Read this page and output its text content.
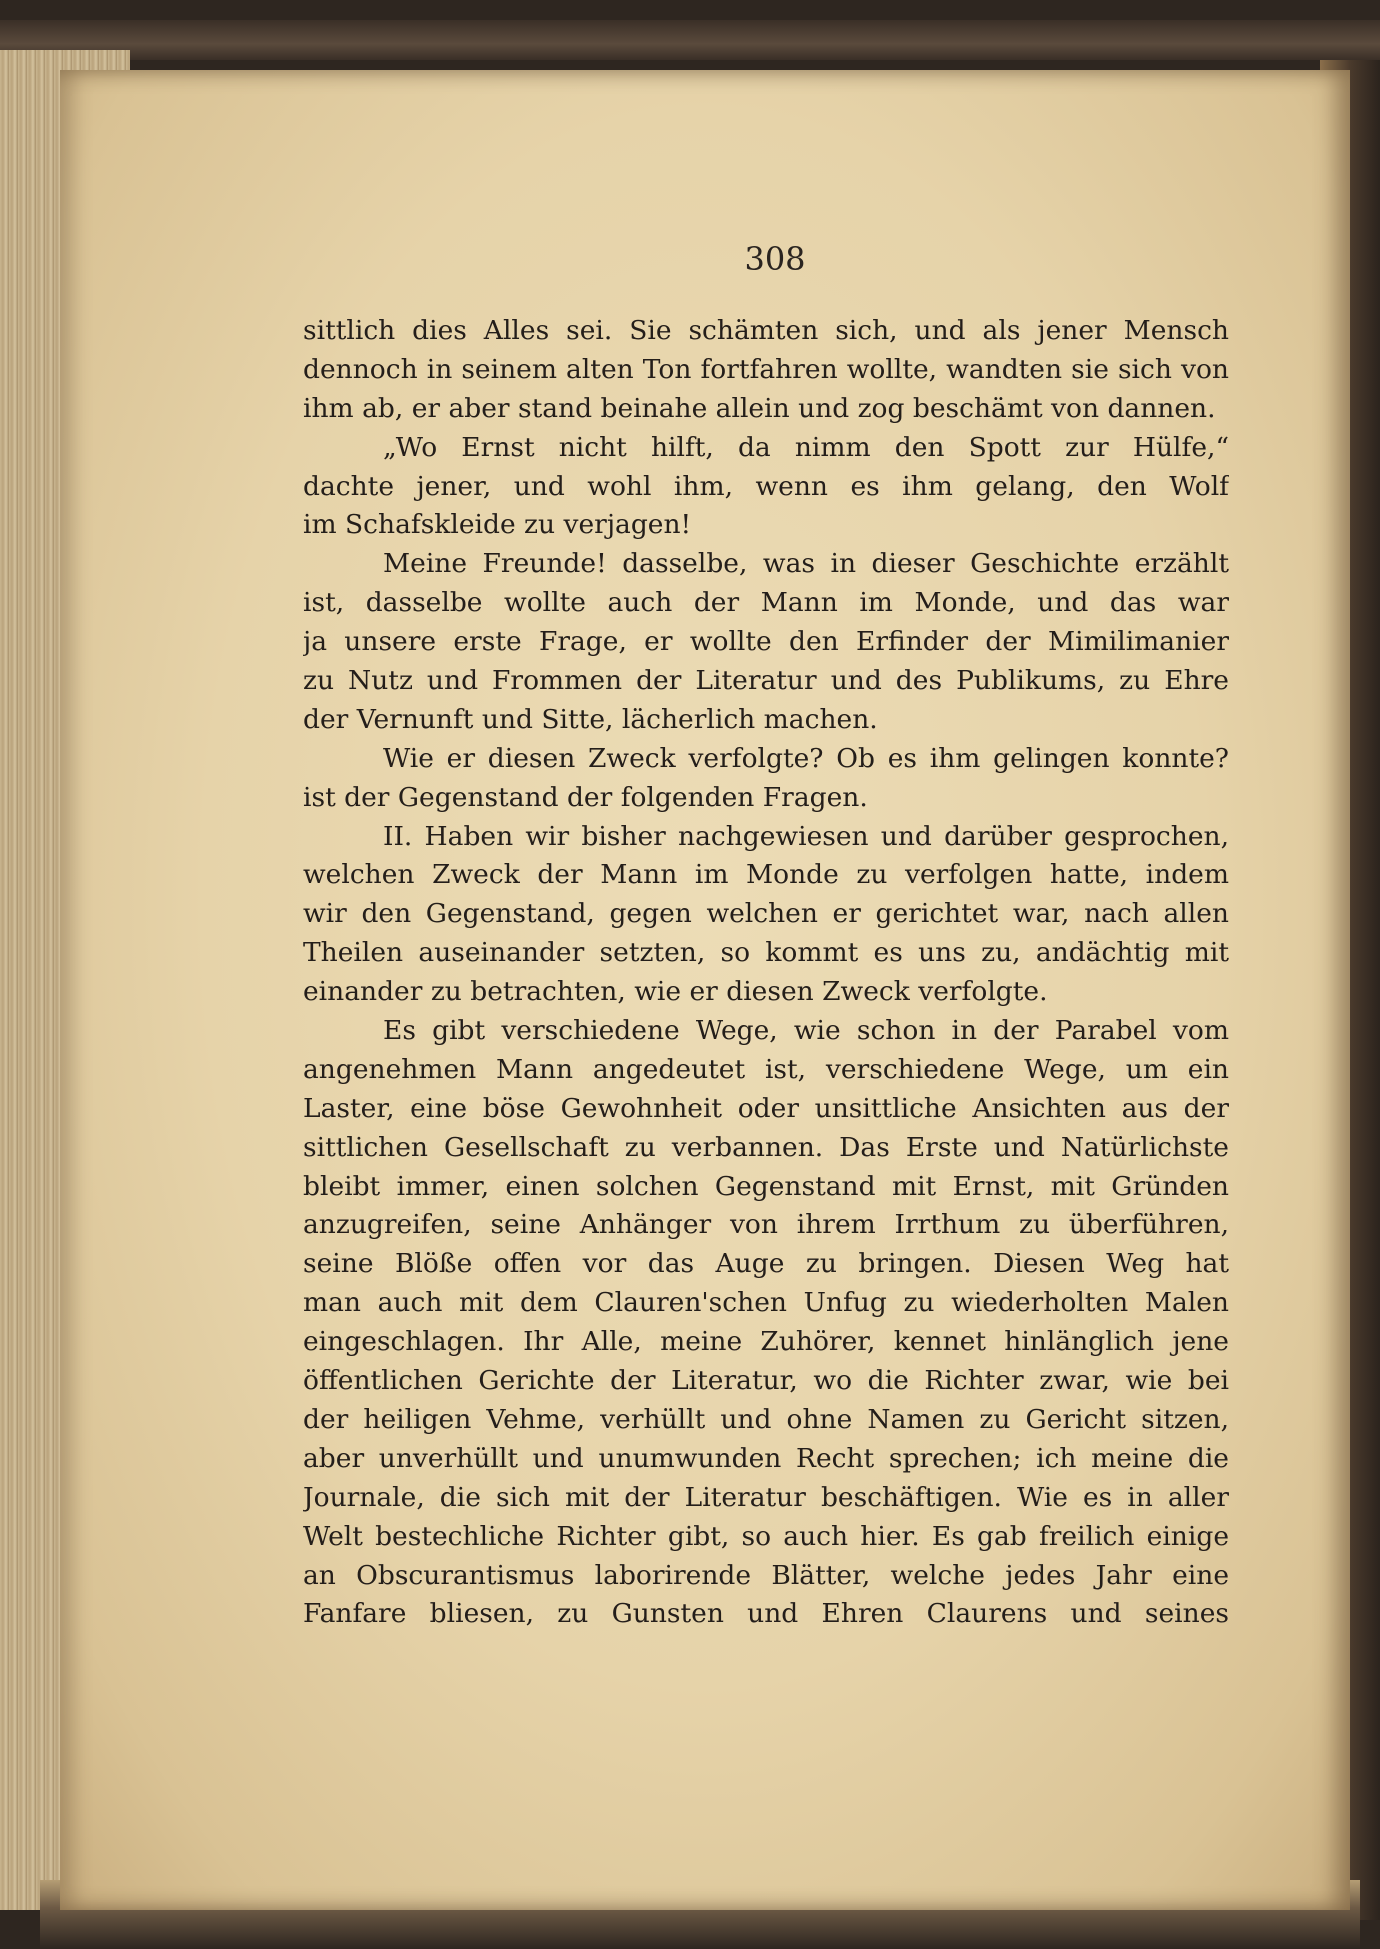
308
sittlich dies Alles sei. Sie schämten sich, und als jener Mensch
dennoch in seinem alten Ton fortfahren wollte, wandten sie sich von
ihm ab, er aber stand beinahe allein und zog beschämt von dannen.
„Wo Ernst nicht hilft, da nimm den Spott zur Hülfe,“
dachte jener, und wohl ihm, wenn es ihm gelang, den Wolf
im Schafskleide zu verjagen!
Meine Freunde! dasselbe, was in dieser Geschichte erzählt
ist, dasselbe wollte auch der Mann im Monde, und das war
ja unsere erste Frage, er wollte den Erfinder der Mimilimanier
zu Nutz und Frommen der Literatur und des Publikums, zu Ehre
der Vernunft und Sitte, lächerlich machen.
Wie er diesen Zweck verfolgte? Ob es ihm gelingen konnte?
ist der Gegenstand der folgenden Fragen.
II. Haben wir bisher nachgewiesen und darüber gesprochen,
welchen Zweck der Mann im Monde zu verfolgen hatte, indem
wir den Gegenstand, gegen welchen er gerichtet war, nach allen
Theilen auseinander setzten, so kommt es uns zu, andächtig mit
einander zu betrachten, wie er diesen Zweck verfolgte.
Es gibt verschiedene Wege, wie schon in der Parabel vom
angenehmen Mann angedeutet ist, verschiedene Wege, um ein
Laster, eine böse Gewohnheit oder unsittliche Ansichten aus der
sittlichen Gesellschaft zu verbannen. Das Erste und Natürlichste
bleibt immer, einen solchen Gegenstand mit Ernst, mit Gründen
anzugreifen, seine Anhänger von ihrem Irrthum zu überführen,
seine Blöße offen vor das Auge zu bringen. Diesen Weg hat
man auch mit dem Clauren'schen Unfug zu wiederholten Malen
eingeschlagen. Ihr Alle, meine Zuhörer, kennet hinlänglich jene
öffentlichen Gerichte der Literatur, wo die Richter zwar, wie bei
der heiligen Vehme, verhüllt und ohne Namen zu Gericht sitzen,
aber unverhüllt und unumwunden Recht sprechen; ich meine die
Journale, die sich mit der Literatur beschäftigen. Wie es in aller
Welt bestechliche Richter gibt, so auch hier. Es gab freilich einige
an Obscurantismus laborirende Blätter, welche jedes Jahr eine
Fanfare bliesen, zu Gunsten und Ehren Claurens und seines
